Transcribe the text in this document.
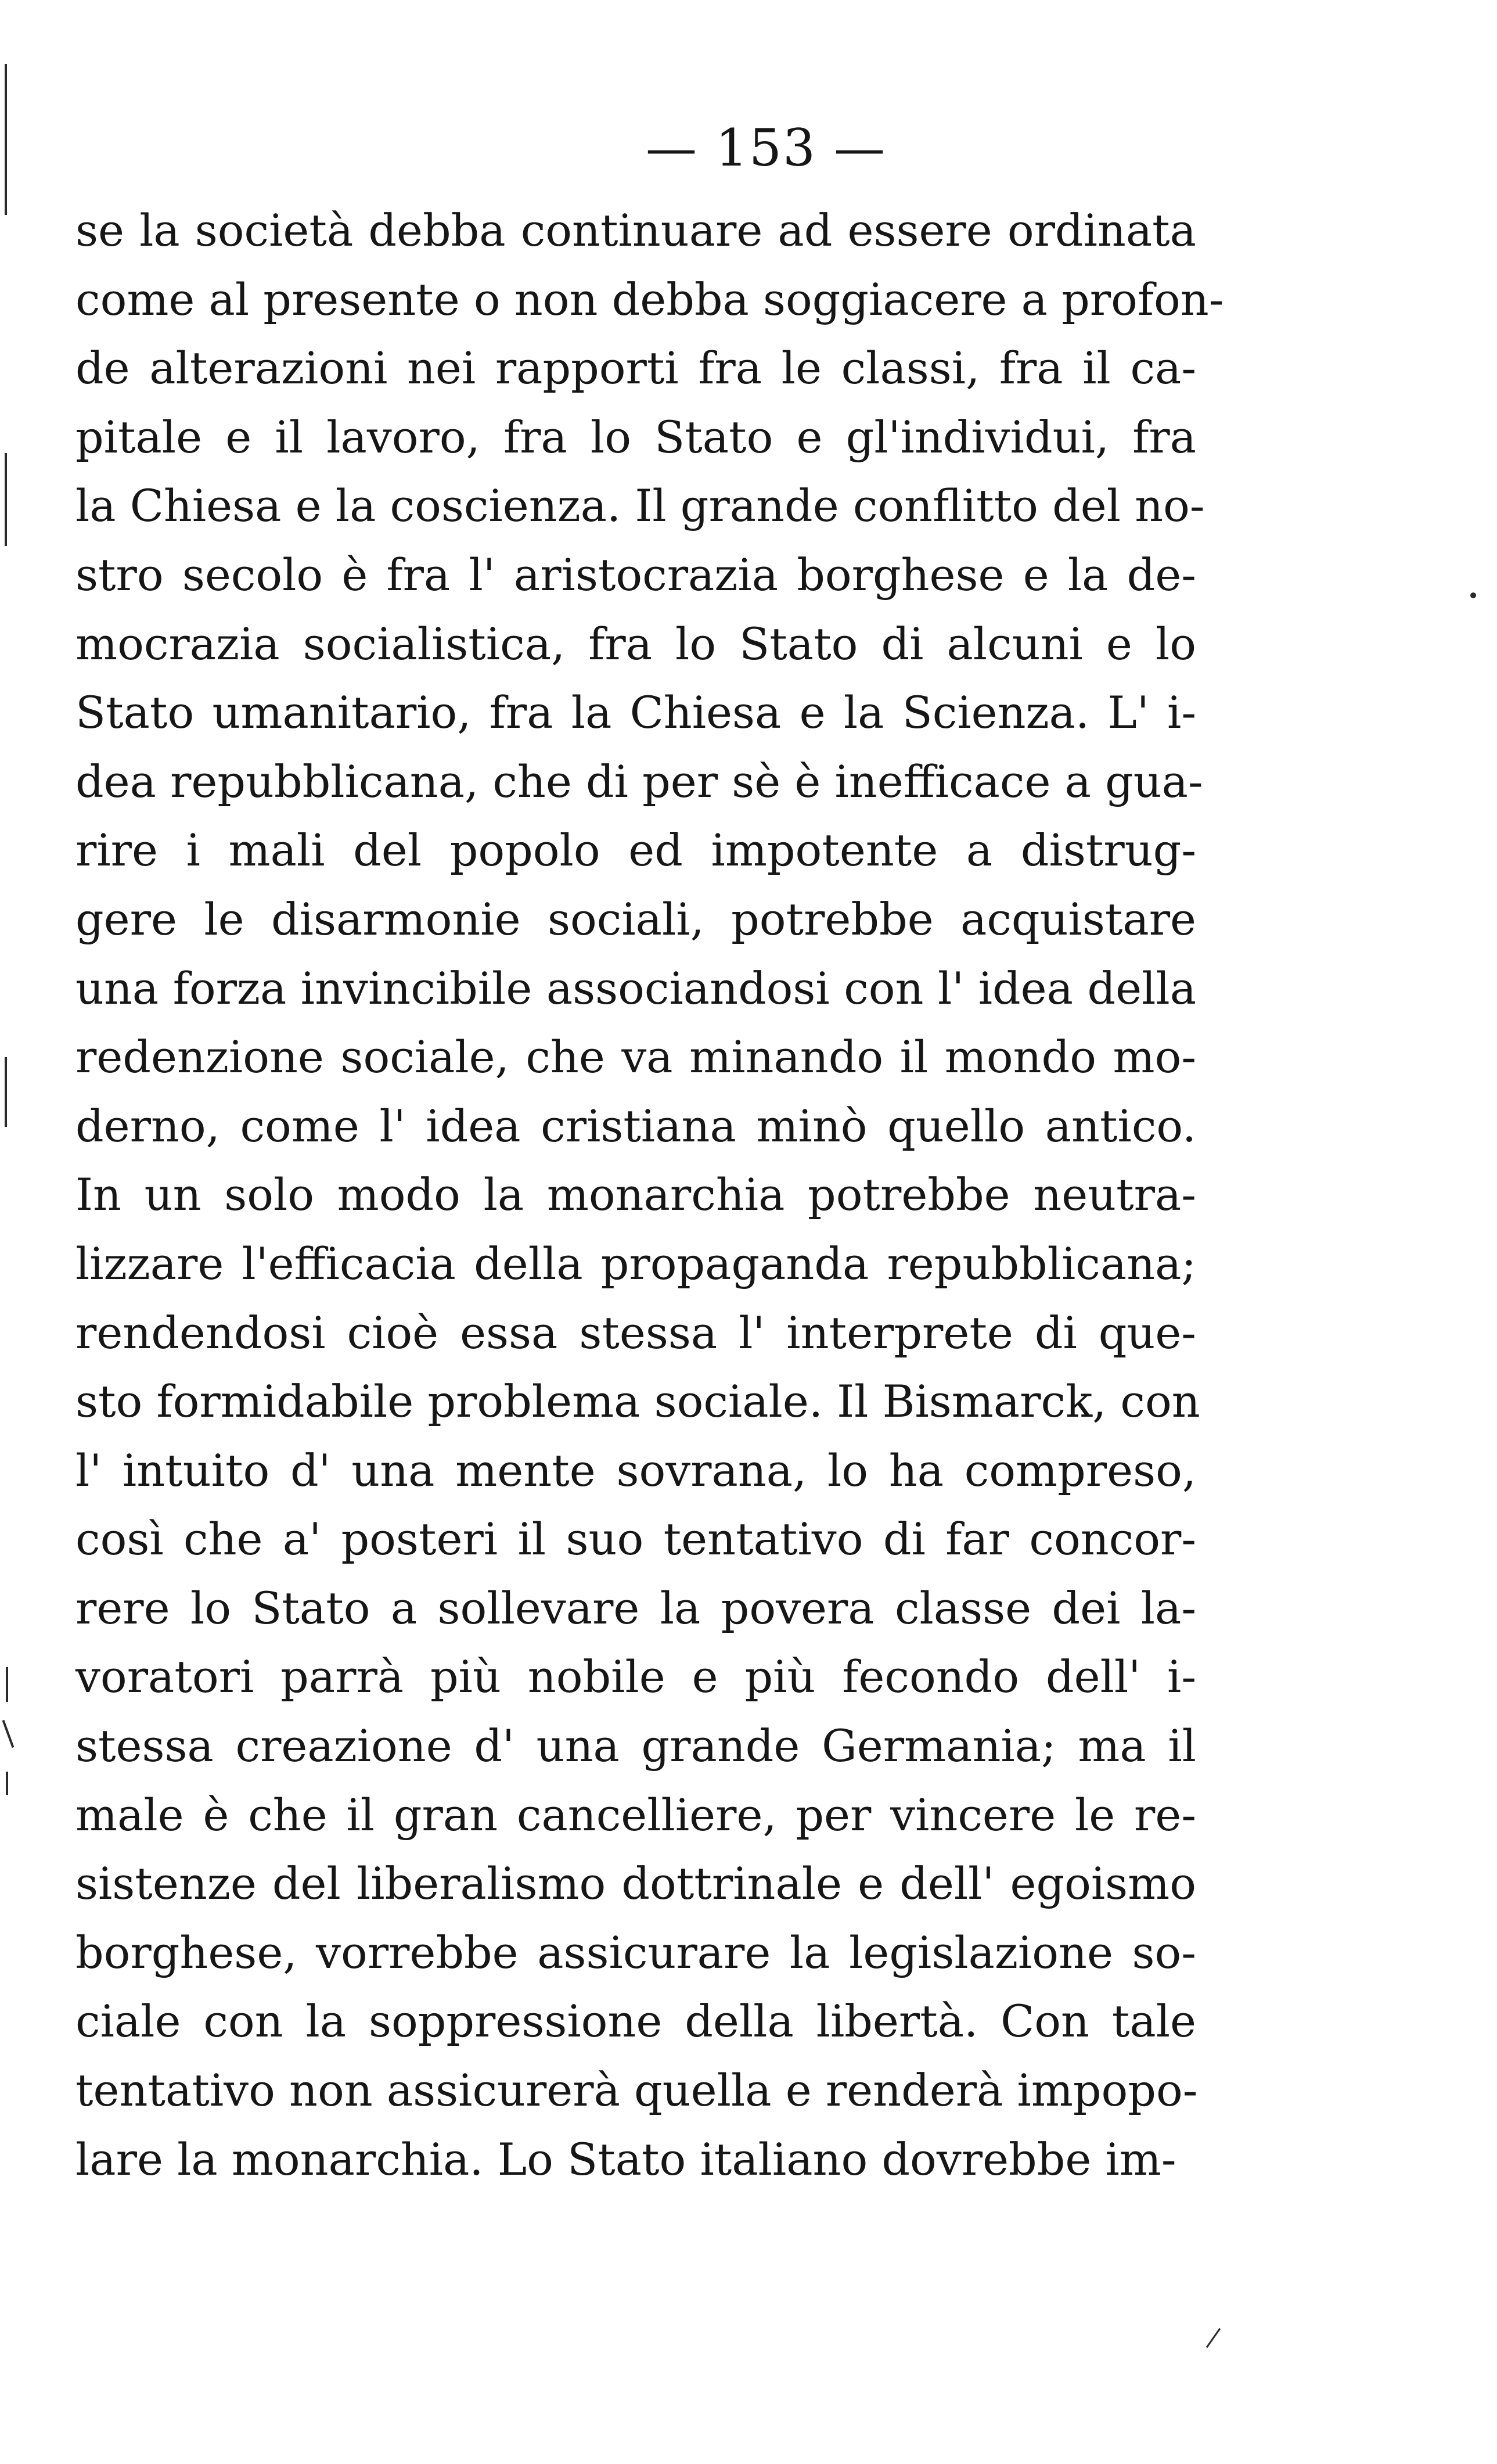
— 153 —
se la società debba continuare ad essere ordinata
come al presente o non debba soggiacere a profon-
de alterazioni nei rapporti fra le classi, fra il ca-
pitale e il lavoro, fra lo Stato e gl'individui, fra
la Chiesa e la coscienza. Il grande conflitto del no-
stro secolo è fra l' aristocrazia borghese e la de-
mocrazia socialistica, fra lo Stato di alcuni e lo
Stato umanitario, fra la Chiesa e la Scienza. L' i-
dea repubblicana, che di per sè è inefficace a gua-
rire i mali del popolo ed impotente a distrug-
gere le disarmonie sociali, potrebbe acquistare
una forza invincibile associandosi con l' idea della
redenzione sociale, che va minando il mondo mo-
derno, come l' idea cristiana minò quello antico.
In un solo modo la monarchia potrebbe neutra-
lizzare l'efficacia della propaganda repubblicana;
rendendosi cioè essa stessa l' interprete di que-
sto formidabile problema sociale. Il Bismarck, con
l' intuito d' una mente sovrana, lo ha compreso,
così che a' posteri il suo tentativo di far concor-
rere lo Stato a sollevare la povera classe dei la-
voratori parrà più nobile e più fecondo dell' i-
stessa creazione d' una grande Germania; ma il
male è che il gran cancelliere, per vincere le re-
sistenze del liberalismo dottrinale e dell' egoismo
borghese, vorrebbe assicurare la legislazione so-
ciale con la soppressione della libertà. Con tale
tentativo non assicurerà quella e renderà impopo-
lare la monarchia. Lo Stato italiano dovrebbe im-
